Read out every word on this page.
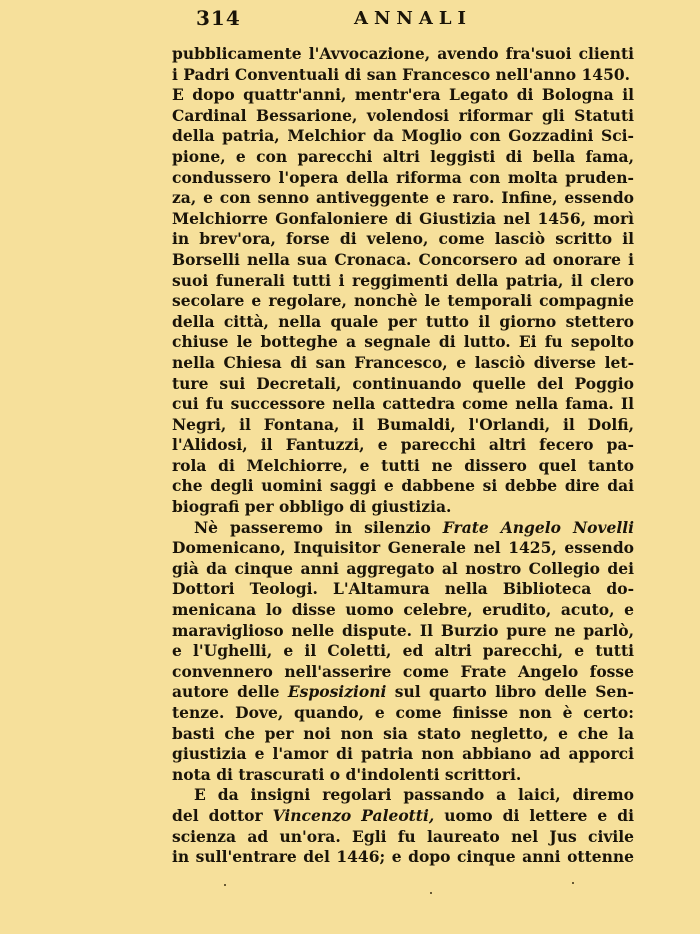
314	ANNALI
pubblicamente l'Avvocazione, avendo fra'suoi clienti
i Padri Conventuali di san Francesco nell'anno 1450.
E dopo quattr'anni, mentr'era Legato di Bologna il
Cardinal Bessarione, volendosi riformar gli Statuti
della patria, Melchior da Moglio con Gozzadini Sci-
pione, e con parecchi altri leggisti di bella fama,
condussero l'opera della riforma con molta pruden-
za, e con senno antiveggente e raro. Infine, essendo
Melchiorre Gonfaloniere di Giustizia nel 1456, morì
in brev'ora, forse di veleno, come lasciò scritto il
Borselli nella sua Cronaca. Concorsero ad onorare i
suoi funerali tutti i reggimenti della patria, il clero
secolare e regolare, nonchè le temporali compagnie
della città, nella quale per tutto il giorno stettero
chiuse le botteghe a segnale di lutto. Ei fu sepolto
nella Chiesa di san Francesco, e lasciò diverse let-
ture sui Decretali, continuando quelle del Poggio
cui fu successore nella cattedra come nella fama. Il
Negri, il Fontana, il Bumaldi, l'Orlandi, il Dolfi,
l'Alidosi, il Fantuzzi, e parecchi altri fecero pa-
rola di Melchiorre, e tutti ne dissero quel tanto
che degli uomini saggi e dabbene si debbe dire dai
biografi per obbligo di giustizia.
Nè passeremo in silenzio Frate Angelo Novelli
Domenicano, Inquisitor Generale nel 1425, essendo
già da cinque anni aggregato al nostro Collegio dei
Dottori Teologi. L'Altamura nella Biblioteca do-
menicana lo disse uomo celebre, erudito, acuto, e
maraviglioso nelle dispute. Il Burzio pure ne parlò,
e l'Ughelli, e il Coletti, ed altri parecchi, e tutti
convennero nell'asserire come Frate Angelo fosse
autore delle Esposizioni sul quarto libro delle Sen-
tenze. Dove, quando, e come finisse non è certo:
basti che per noi non sia stato negletto, e che la
giustizia e l'amor di patria non abbiano ad apporci
nota di trascurati o d'indolenti scrittori.
E da insigni regolari passando a laici, diremo
del dottor Vincenzo Paleotti, uomo di lettere e di
scienza ad un'ora. Egli fu laureato nel Jus civile
in sull'entrare del 1446; e dopo cinque anni ottenne
